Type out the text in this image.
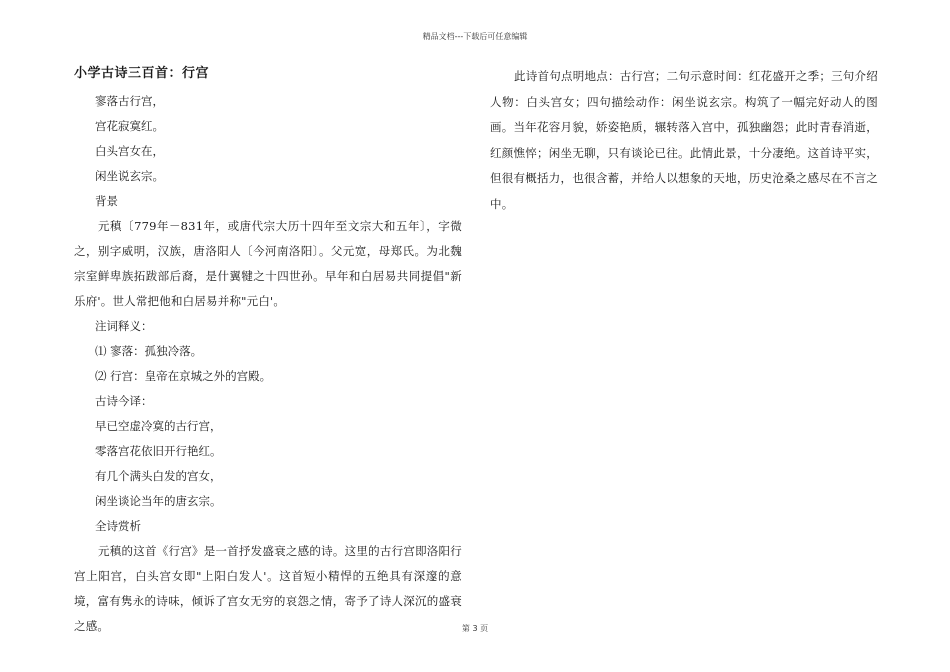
精品文档---下载后可任意编辑
小学古诗三百首：行宫

寥落古行宫，

宫花寂寞红。

白头宫女在，

闲坐说玄宗。

背景

元稹〔779年－831年，或唐代宗大历十四年至文宗大和五年〕，字微之，别字威明，汉族，唐洛阳人〔今河南洛阳〕。父元宽，母郑氏。为北魏宗室鲜卑族拓跋部后裔，是什翼犍之十四世孙。早年和白居易共同提倡"新乐府'。世人常把他和白居易并称"元白'。

注词释义：

⑴ 寥落：孤独冷落。

⑵ 行宫：皇帝在京城之外的宫殿。

古诗今译：

早已空虚冷寞的古行宫，

零落宫花依旧开行艳红。

有几个满头白发的宫女，

闲坐谈论当年的唐玄宗。

全诗赏析

元稹的这首《行宫》是一首抒发盛衰之感的诗。这里的古行宫即洛阳行宫上阳宫，白头宫女即"上阳白发人'。这首短小精悍的五绝具有深邃的意境，富有隽永的诗味，倾诉了宫女无穷的哀怨之情，寄予了诗人深沉的盛衰之感。

此诗首句点明地点：古行宫；二句示意时间：红花盛开之季；三句介绍人物：白头宫女；四句描绘动作：闲坐说玄宗。构筑了一幅完好动人的图画。当年花容月貌，娇姿艳质，辗转落入宫中，孤独幽怨；此时青春消逝，红颜憔悴；闲坐无聊，只有谈论已往。此情此景，十分凄绝。这首诗平实，但很有概括力，也很含蓄，并给人以想象的天地，历史沧桑之感尽在不言之中。

第 3 页
